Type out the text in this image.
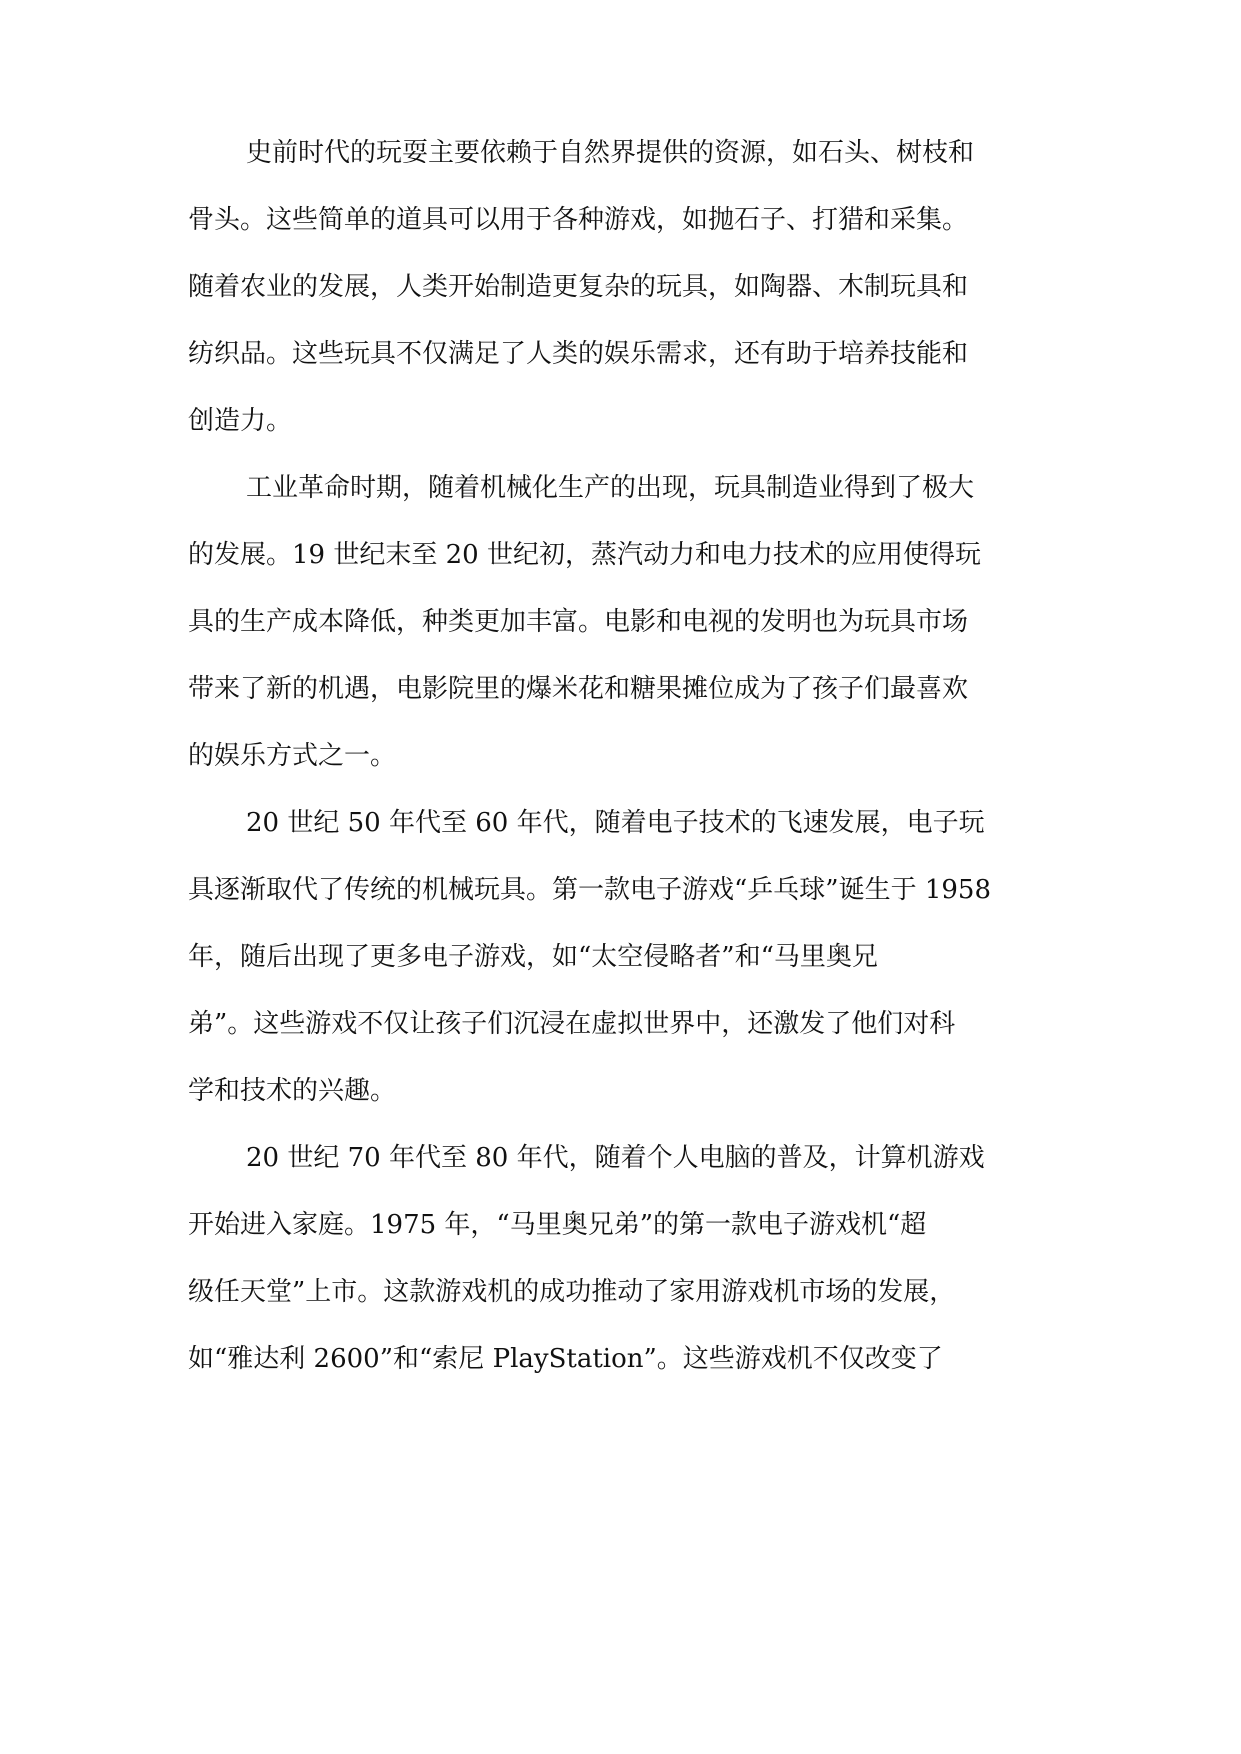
史前时代的玩耍主要依赖于自然界提供的资源，如石头、树枝和

骨头。这些简单的道具可以用于各种游戏，如抛石子、打猎和采集。

随着农业的发展，人类开始制造更复杂的玩具，如陶器、木制玩具和

纺织品。这些玩具不仅满足了人类的娱乐需求，还有助于培养技能和

创造力。

工业革命时期，随着机械化生产的出现，玩具制造业得到了极大

的发展。19 世纪末至 20 世纪初，蒸汽动力和电力技术的应用使得玩

具的生产成本降低，种类更加丰富。电影和电视的发明也为玩具市场

带来了新的机遇，电影院里的爆米花和糖果摊位成为了孩子们最喜欢

的娱乐方式之一。

20 世纪 50 年代至 60 年代，随着电子技术的飞速发展，电子玩

具逐渐取代了传统的机械玩具。第一款电子游戏“乒乓球”诞生于 1958

年，随后出现了更多电子游戏，如“太空侵略者”和“马里奥兄

弟”。这些游戏不仅让孩子们沉浸在虚拟世界中，还激发了他们对科

学和技术的兴趣。

20 世纪 70 年代至 80 年代，随着个人电脑的普及，计算机游戏

开始进入家庭。1975 年，“马里奥兄弟”的第一款电子游戏机“超

级任天堂”上市。这款游戏机的成功推动了家用游戏机市场的发展，

如“雅达利 2600”和“索尼 PlayStation”。这些游戏机不仅改变了
